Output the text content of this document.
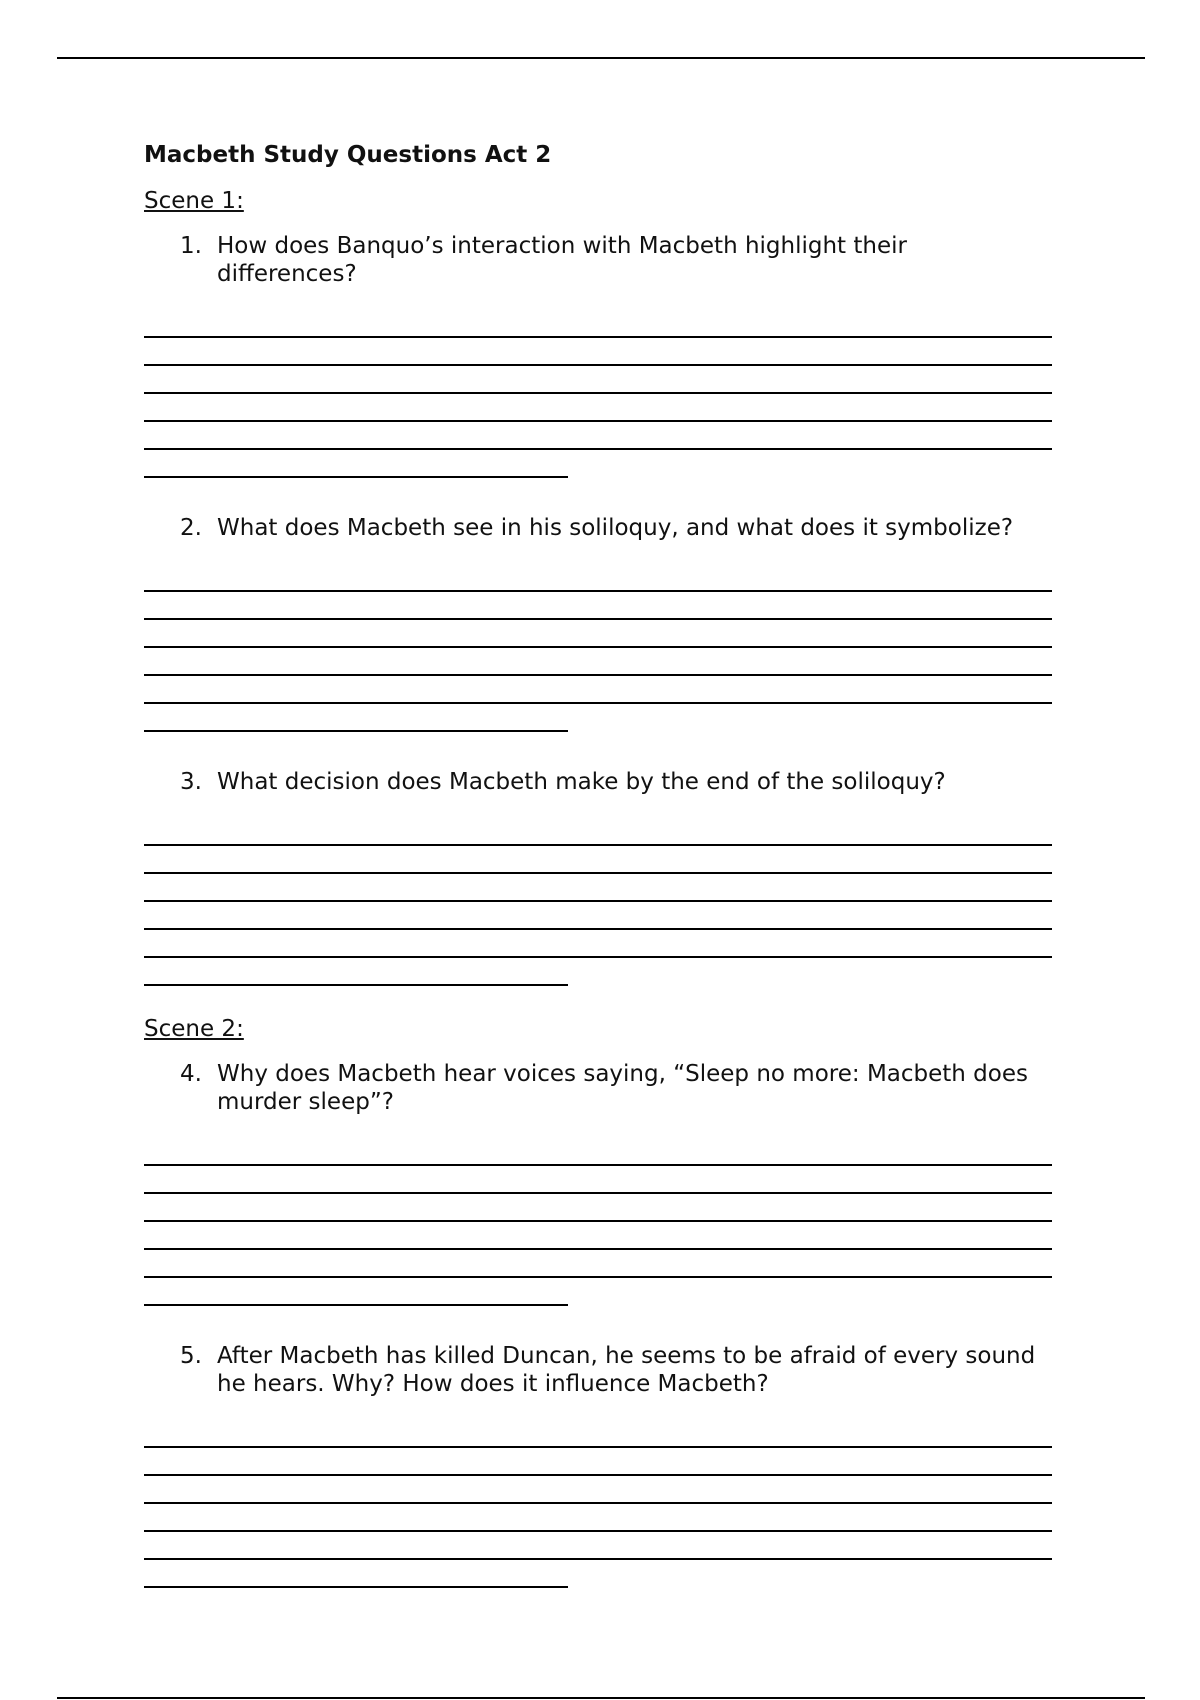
Macbeth Study Questions Act 2
Scene 1:
1. How does Banquo’s interaction with Macbeth highlight their differences?
2. What does Macbeth see in his soliloquy, and what does it symbolize?
3. What decision does Macbeth make by the end of the soliloquy?
Scene 2:
4. Why does Macbeth hear voices saying, “Sleep no more: Macbeth does murder sleep”?
5. After Macbeth has killed Duncan, he seems to be afraid of every sound he hears. Why? How does it influence Macbeth?
